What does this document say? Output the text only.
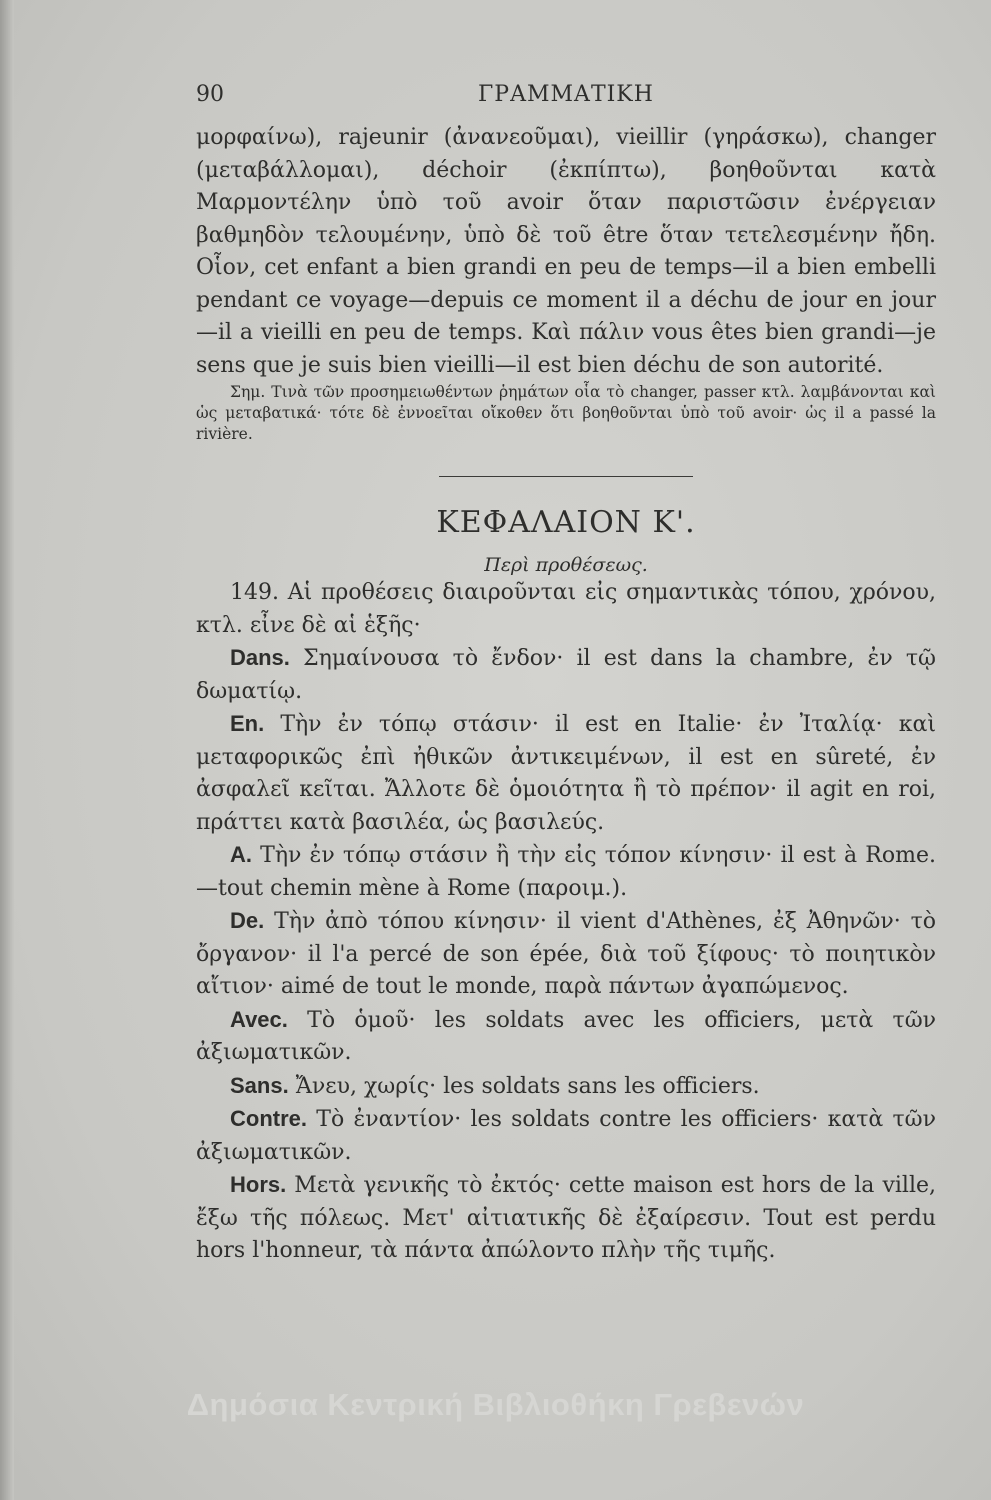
90	ΓΡΑΜΜΑΤΙΚΗ

μορφαίνω), rajeunir (ἀνανεοῦμαι), vieillir (γηράσκω), changer (μεταβάλλομαι), déchoir (ἐκπίπτω), βοηθοῦνται κατὰ Μαρμοντέλην ὑπὸ τοῦ avoir ὅταν παριστῶσιν ἐνέργειαν βαθμηδὸν τελουμένην, ὑπὸ δὲ τοῦ être ὅταν τετελεσμένην ἤδη. Οἷον, cet enfant a bien grandi en peu de temps—il a bien embelli pendant ce voyage—depuis ce moment il a déchu de jour en jour—il a vieilli en peu de temps. Καὶ πάλιν vous êtes bien grandi—je sens que je suis bien vieilli—il est bien déchu de son autorité.

Σημ. Τινὰ τῶν προσημειωθέντων ῥημάτων οἷα τὸ changer, passer κτλ. λαμβάνονται καὶ ὡς μεταβατικά· τότε δὲ ἐννοεῖται οἴκοθεν ὅτι βοηθοῦνται ὑπὸ τοῦ avoir· ὡς il a passé la rivière.

ΚΕΦΑΛΑΙΟΝ Κ'.
Περὶ προθέσεως.

149. Αἱ προθέσεις διαιροῦνται εἰς σημαντικὰς τόπου, χρόνου, κτλ. εἶνε δὲ αἱ ἑξῆς·

Dans. Σημαίνουσα τὸ ἔνδον· il est dans la chambre, ἐν τῷ δωματίῳ.

En. Τὴν ἐν τόπῳ στάσιν· il est en Italie· ἐν Ἰταλίᾳ· καὶ μεταφορικῶς ἐπὶ ἠθικῶν ἀντικειμένων, il est en sûreté, ἐν ἀσφαλεῖ κεῖται. Ἄλλοτε δὲ ὁμοιότητα ἢ τὸ πρέπον· il agit en roi, πράττει κατὰ βασιλέα, ὡς βασιλεύς.

A. Τὴν ἐν τόπῳ στάσιν ἢ τὴν εἰς τόπον κίνησιν· il est à Rome. —tout chemin mène à Rome (παροιμ.).

De. Τὴν ἀπὸ τόπου κίνησιν· il vient d'Athènes, ἐξ Ἀθηνῶν· τὸ ὄργανον· il l'a percé de son épée, διὰ τοῦ ξίφους· τὸ ποιητικὸν αἴτιον· aimé de tout le monde, παρὰ πάντων ἀγαπώμενος.

Avec. Τὸ ὁμοῦ· les soldats avec les officiers, μετὰ τῶν ἀξιωματικῶν.

Sans. Ἄνευ, χωρίς· les soldats sans les officiers.

Contre. Τὸ ἐναντίον· les soldats contre les officiers· κατὰ τῶν ἀξιωματικῶν.

Hors. Μετὰ γενικῆς τὸ ἐκτός· cette maison est hors de la ville, ἔξω τῆς πόλεως. Μετ' αἰτιατικῆς δὲ ἐξαίρεσιν. Tout est perdu hors l'honneur, τὰ πάντα ἀπώλοντο πλὴν τῆς τιμῆς.

Δημόσια Κεντρική Βιβλιοθήκη Γρεβενών
